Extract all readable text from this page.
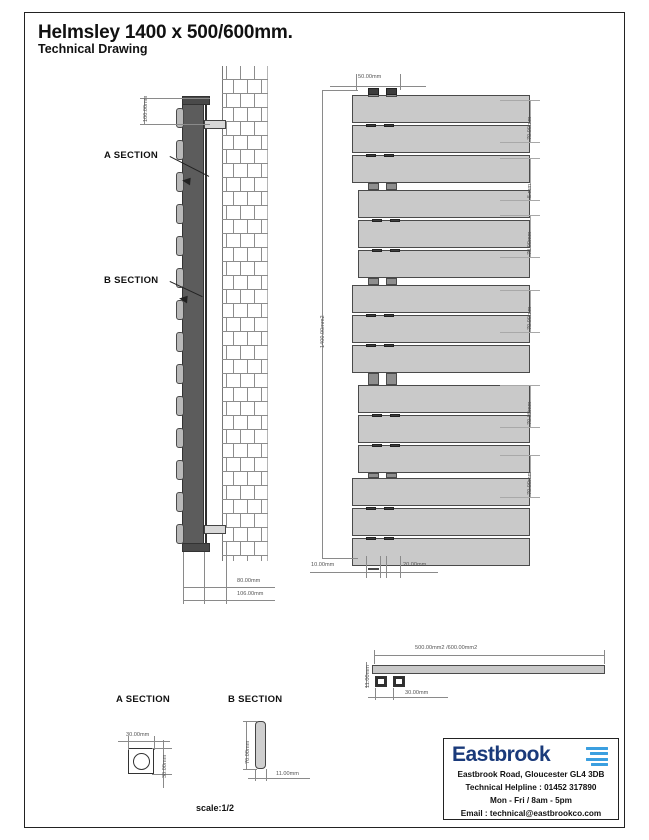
Helmsley 1400 x 500/600mm.
Technical Drawing
100.00mm
A SECTION
B SECTION
80.00mm
106.00mm
50.00mm
1400.00mm2
10.00mm	20.00mm
70.00mm
5 mm
70.00mm
70.00mm
70.00mm
70.00mm
500.00mm2 /600.00mm2
11.00mm
30.00mm
A SECTION
30.00mm
30.00mm
B SECTION
70.00mm
11.00mm
scale:1/2
Eastbrook
Eastbrook Road, Gloucester GL4 3DB
Technical Helpline : 01452 317890
Mon - Fri / 8am - 5pm
Email : technical@eastbrookco.com
